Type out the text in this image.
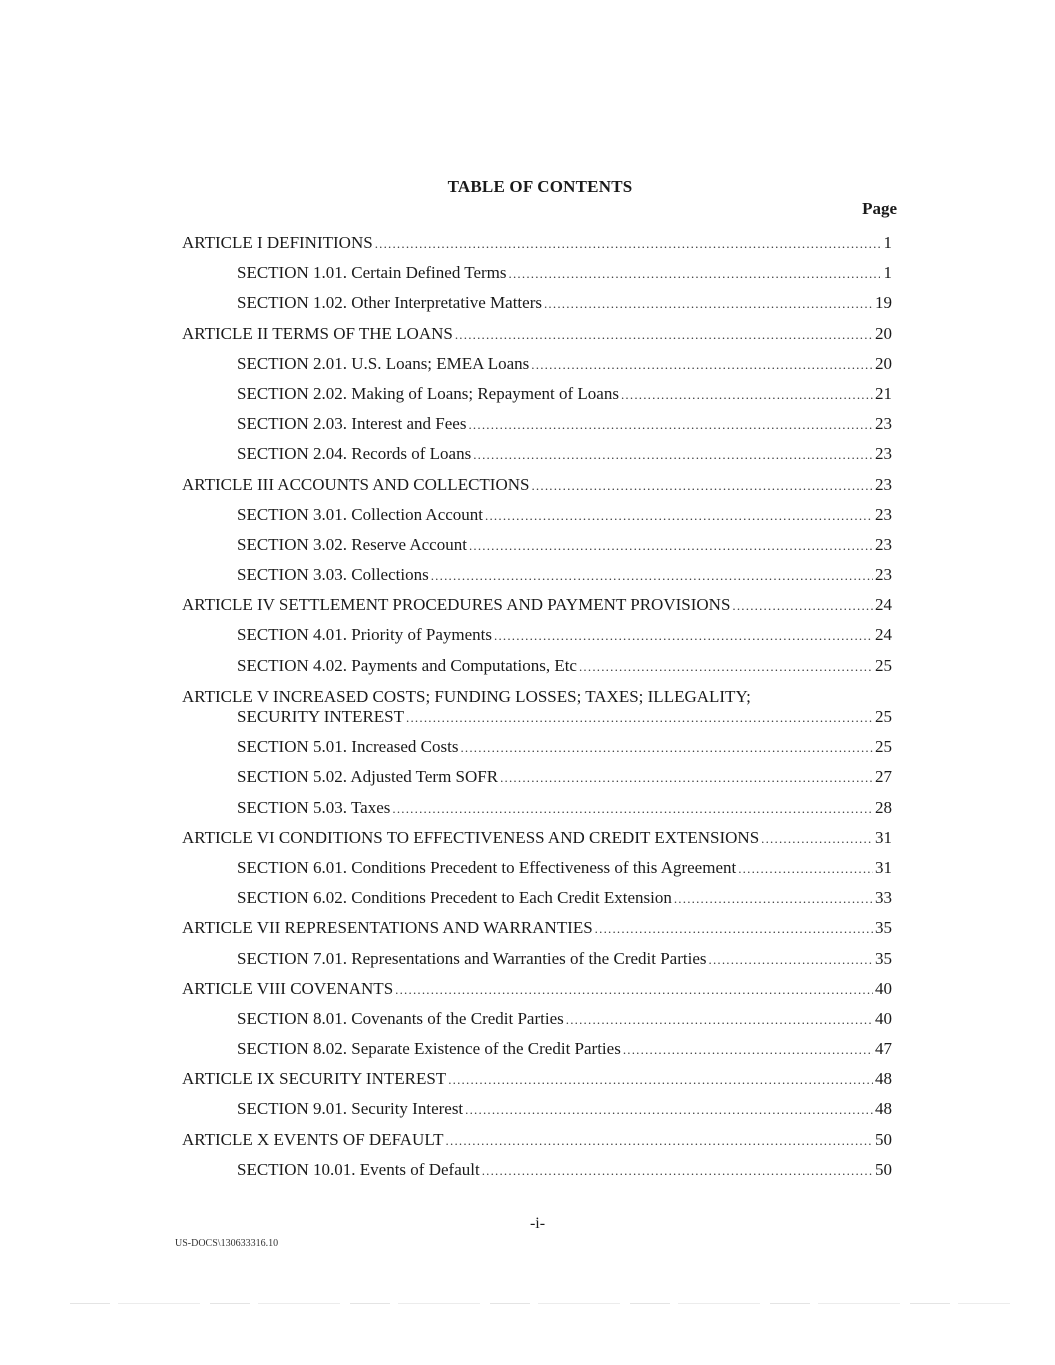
TABLE OF CONTENTS
Page
ARTICLE I DEFINITIONS .....	1
SECTION 1.01. Certain Defined Terms .....	1
SECTION 1.02. Other Interpretative Matters .....	19
ARTICLE II TERMS OF THE LOANS .....	20
SECTION 2.01. U.S. Loans; EMEA Loans .....	20
SECTION 2.02. Making of Loans; Repayment of Loans .....	21
SECTION 2.03. Interest and Fees .....	23
SECTION 2.04. Records of Loans .....	23
ARTICLE III ACCOUNTS AND COLLECTIONS .....	23
SECTION 3.01. Collection Account .....	23
SECTION 3.02. Reserve Account .....	23
SECTION 3.03. Collections .....	23
ARTICLE IV SETTLEMENT PROCEDURES AND PAYMENT PROVISIONS .....	24
SECTION 4.01. Priority of Payments .....	24
SECTION 4.02. Payments and Computations, Etc .....	25
ARTICLE V INCREASED COSTS; FUNDING LOSSES; TAXES; ILLEGALITY;
SECURITY INTEREST .....	25
SECTION 5.01. Increased Costs .....	25
SECTION 5.02. Adjusted Term SOFR .....	27
SECTION 5.03. Taxes .....	28
ARTICLE VI CONDITIONS TO EFFECTIVENESS AND CREDIT EXTENSIONS .....	31
SECTION 6.01. Conditions Precedent to Effectiveness of this Agreement .....	31
SECTION 6.02. Conditions Precedent to Each Credit Extension .....	33
ARTICLE VII REPRESENTATIONS AND WARRANTIES .....	35
SECTION 7.01. Representations and Warranties of the Credit Parties .....	35
ARTICLE VIII COVENANTS .....	40
SECTION 8.01. Covenants of the Credit Parties .....	40
SECTION 8.02. Separate Existence of the Credit Parties .....	47
ARTICLE IX SECURITY INTEREST .....	48
SECTION 9.01. Security Interest .....	48
ARTICLE X EVENTS OF DEFAULT .....	50
SECTION 10.01. Events of Default .....	50
-i-
US-DOCS\130633316.10
